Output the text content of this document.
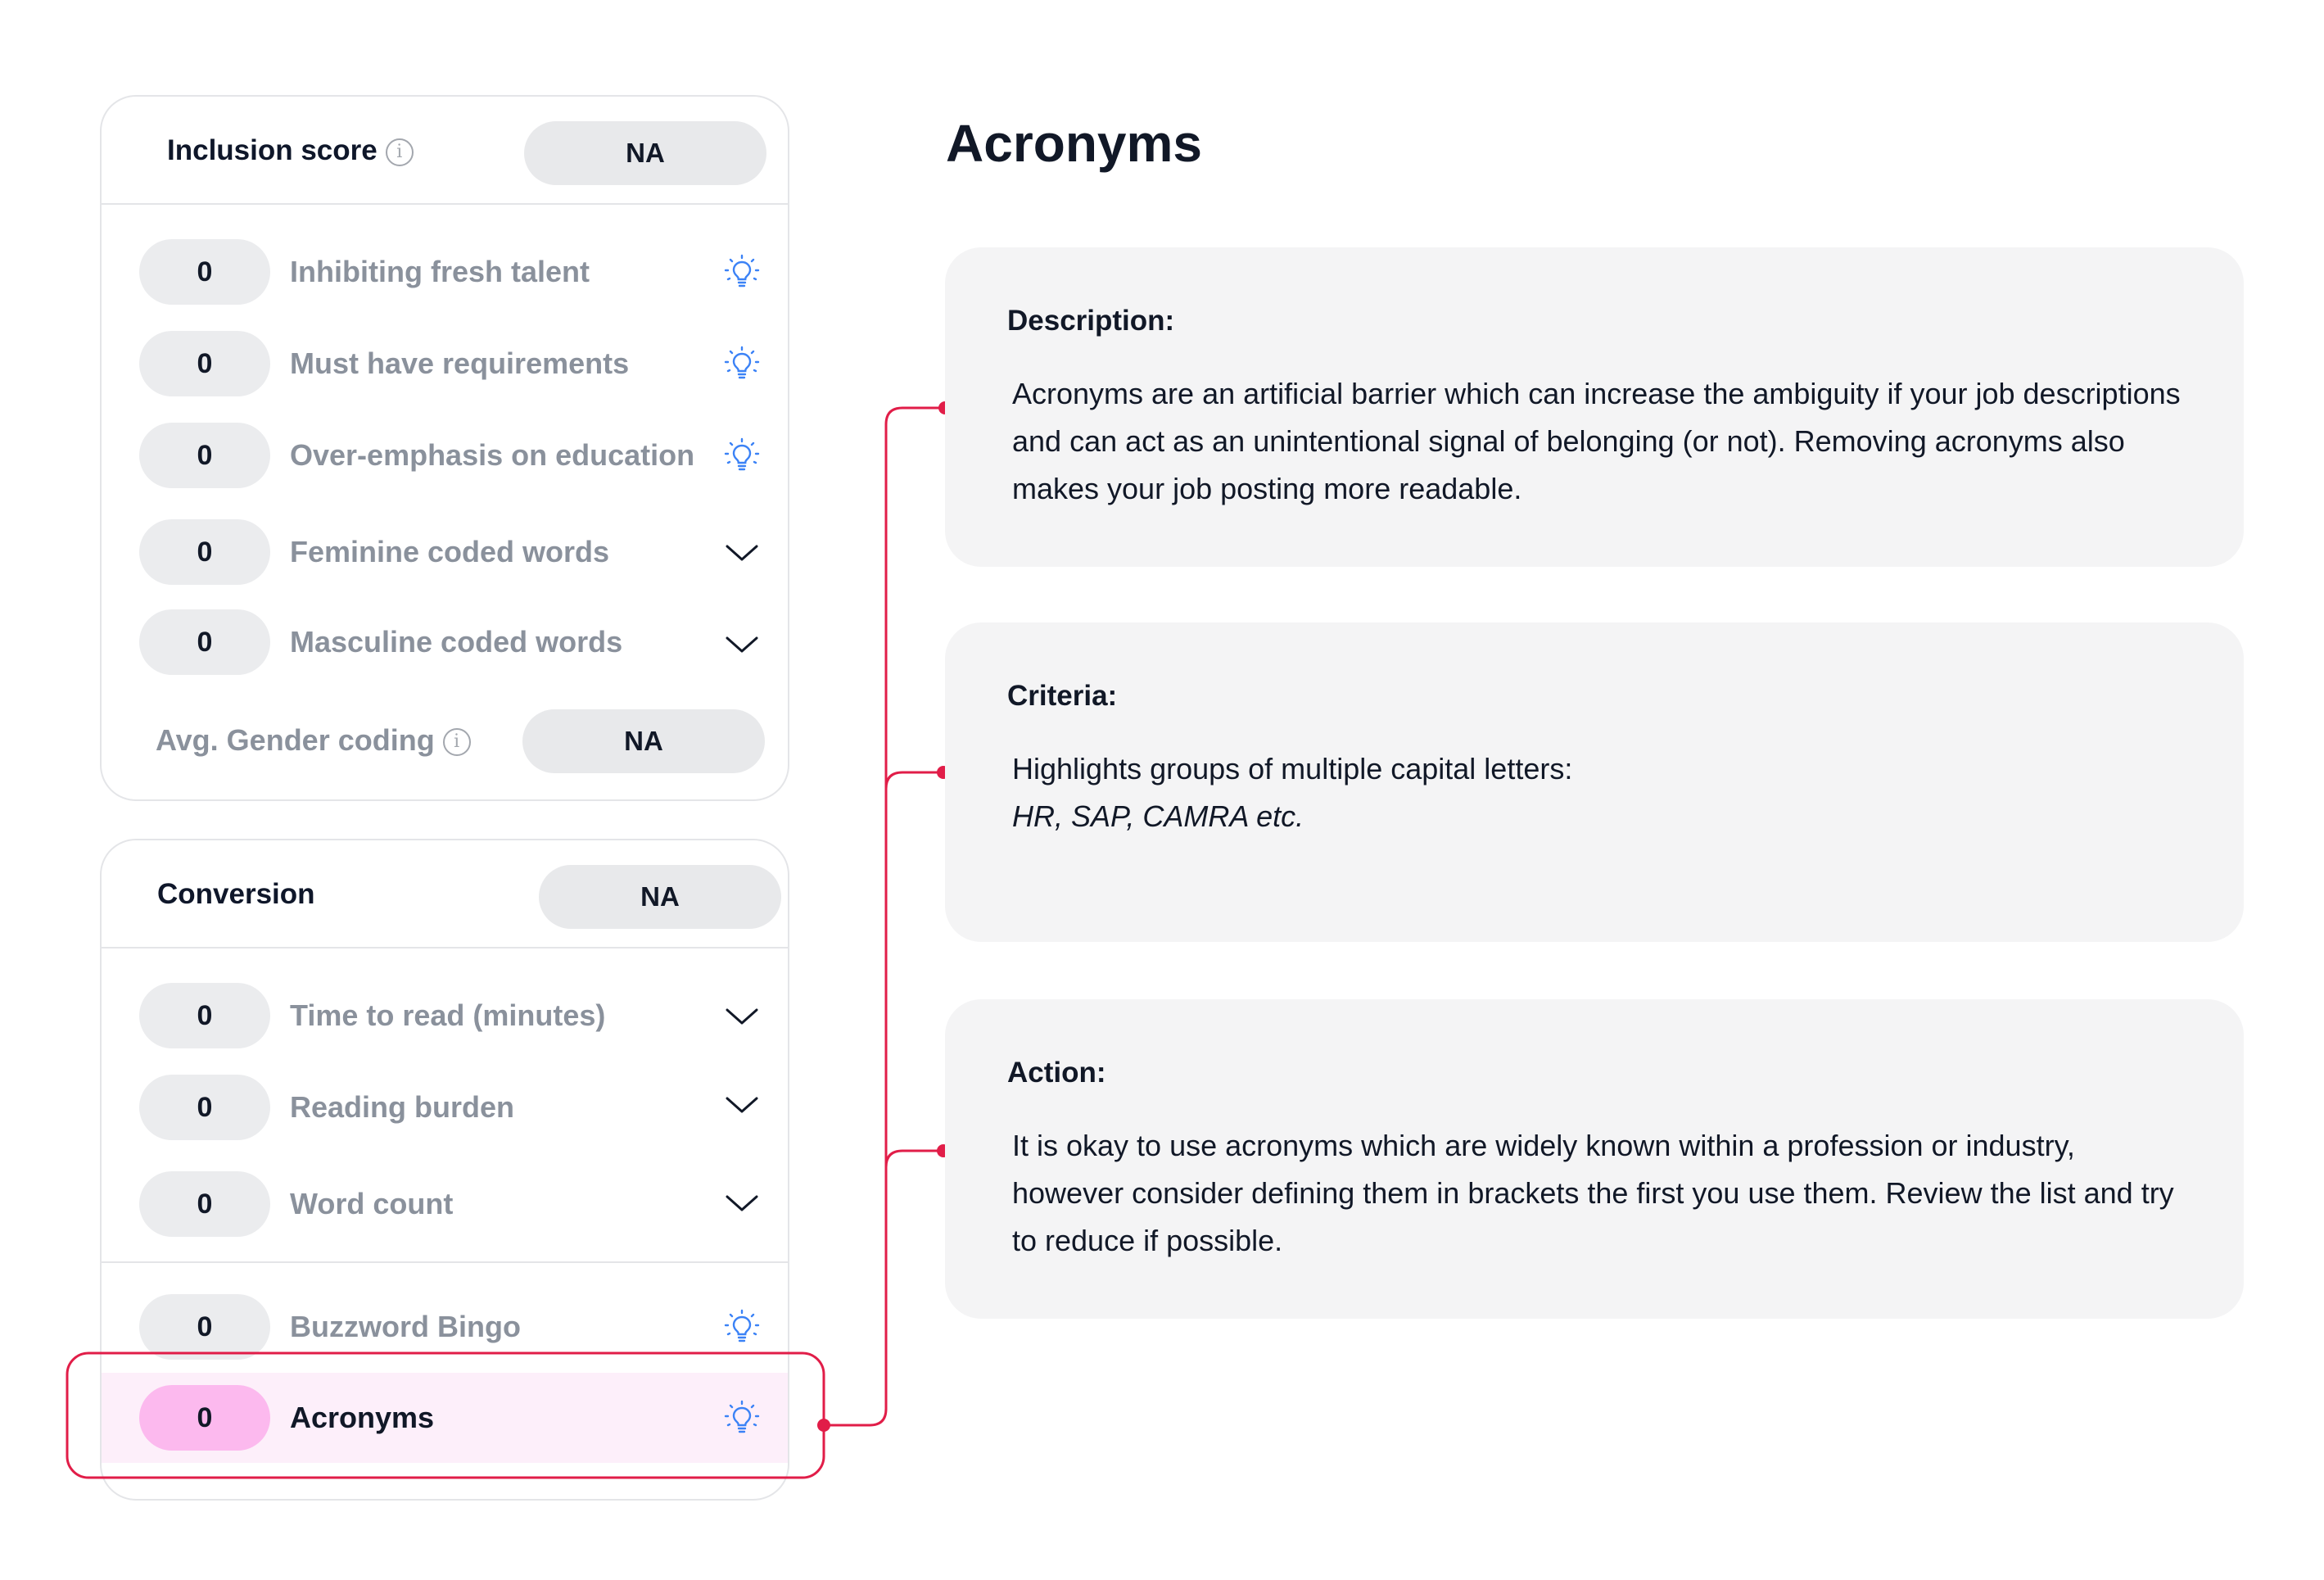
Inclusion score i	NA
0	Inhibiting fresh talent
0	Must have requirements
0	Over-emphasis on education
0	Feminine coded words
0	Masculine coded words
Avg. Gender coding i	NA
Conversion	NA
0	Time to read (minutes)
0	Reading burden
0	Word count
0	Buzzword Bingo
0	Acronyms
Acronyms
Description:

Acronyms are an artificial barrier which can increase the ambiguity if your job descriptions and can act as an unintentional signal of belonging (or not). Removing acronyms also makes your job posting more readable.

Criteria:

Highlights groups of multiple capital letters:

HR, SAP, CAMRA etc.

Action:

It is okay to use acronyms which are widely known within a profession or industry, however consider defining them in brackets the first you use them. Review the list and try to reduce if possible.
